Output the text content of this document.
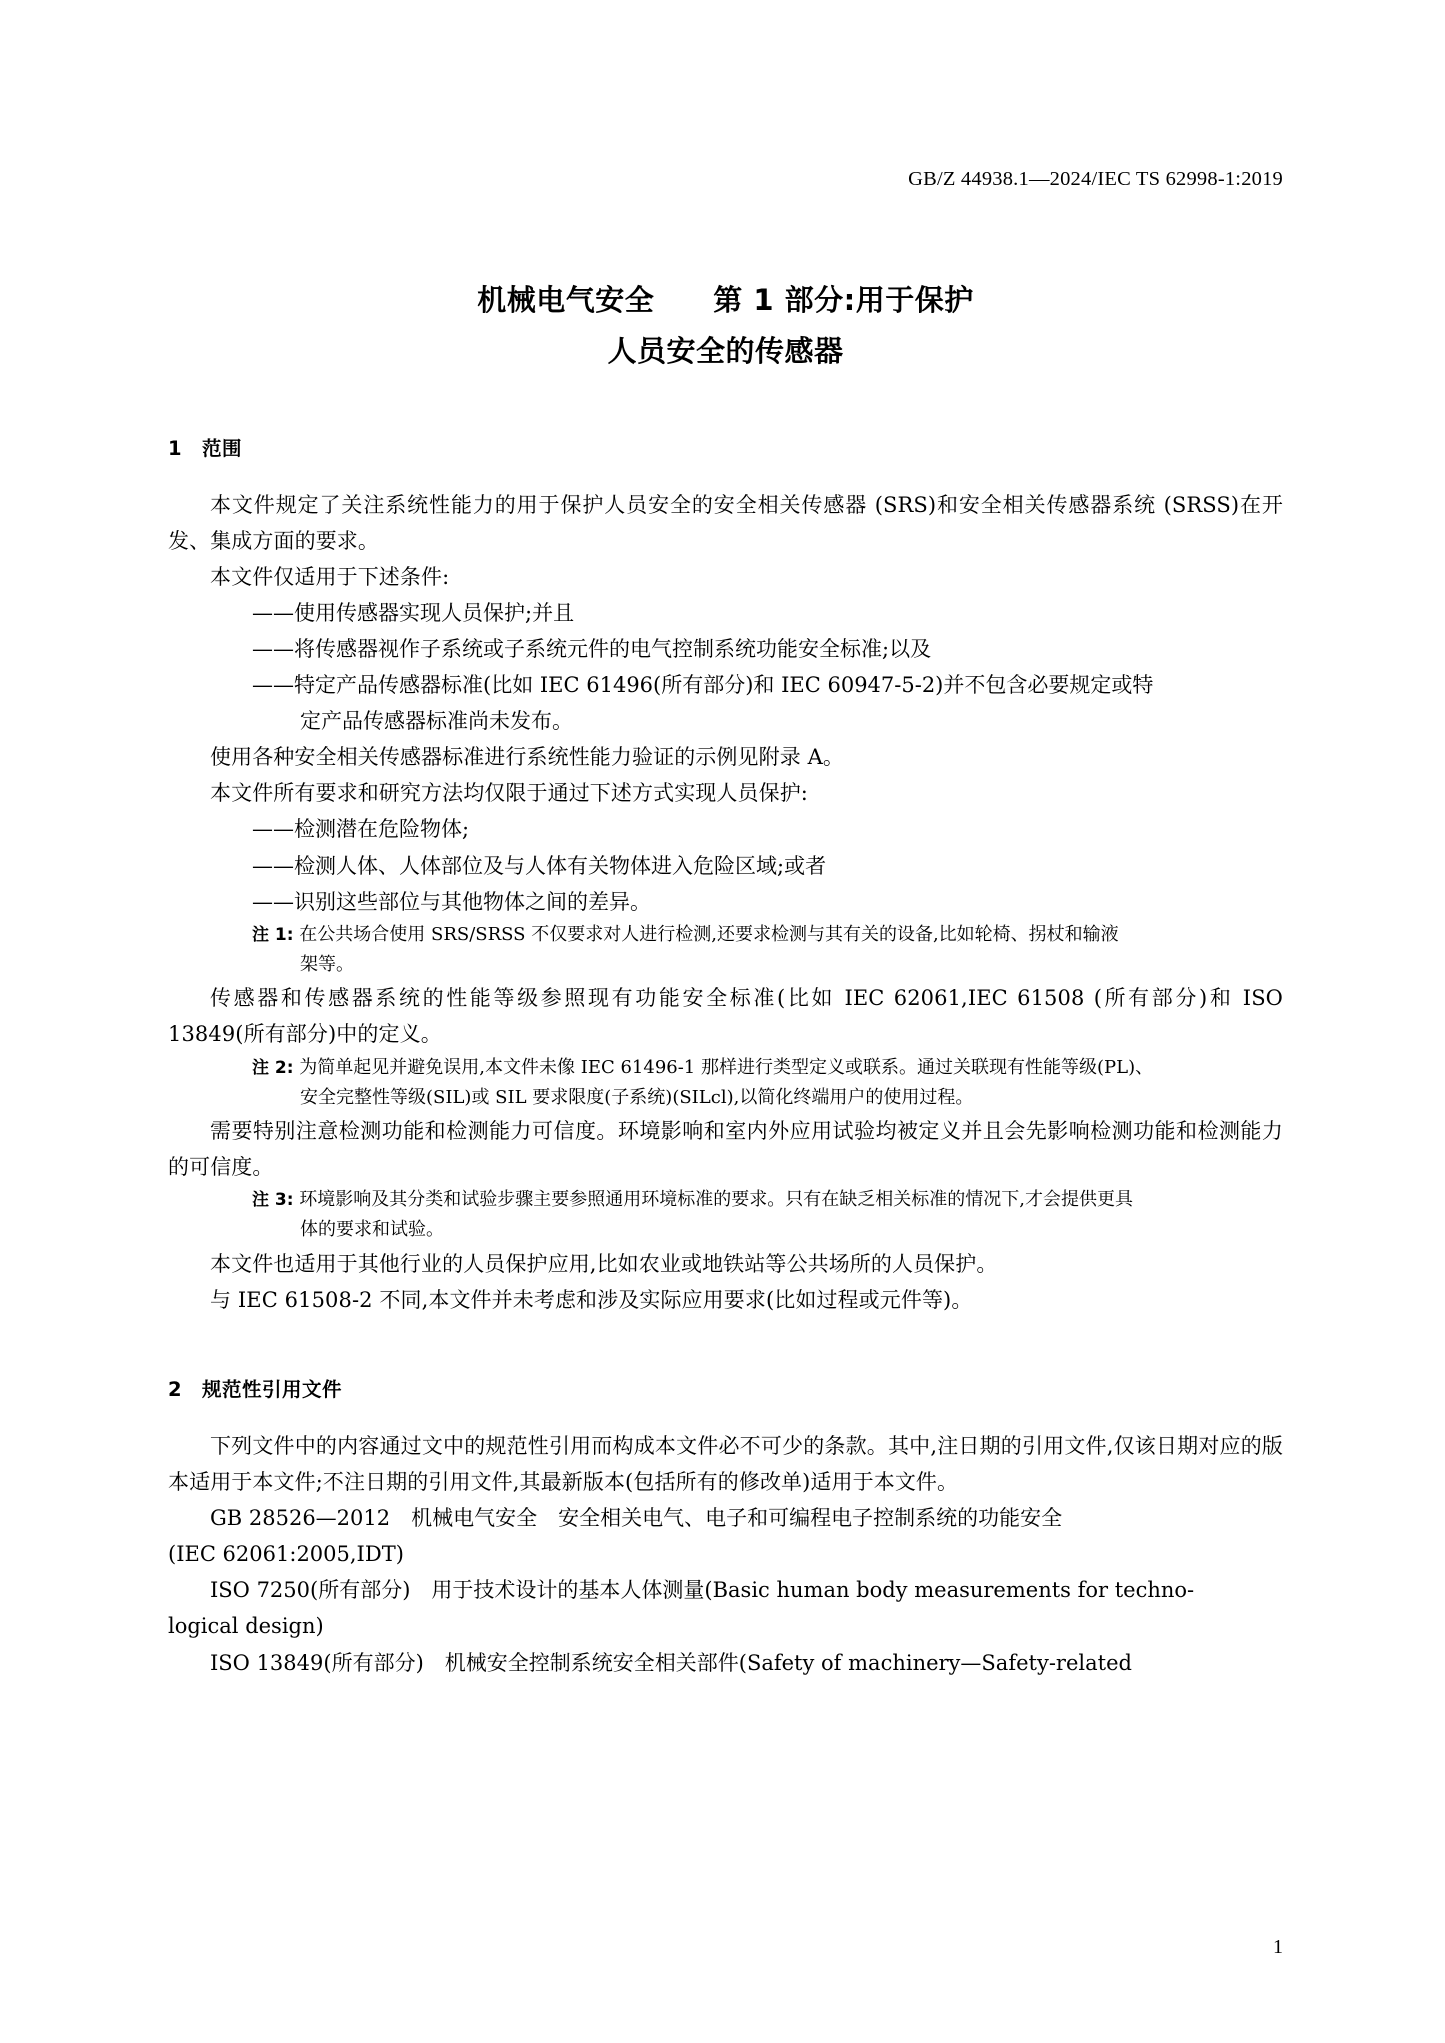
GB/Z 44938.1—2024/IEC TS 62998-1:2019
机械电气安全　　第 1 部分:用于保护
人员安全的传感器
1 范围

本文件规定了关注系统性能力的用于保护人员安全的安全相关传感器 (SRS)和安全相关传感器系统 (SRSS)在开发、集成方面的要求。

本文件仅适用于下述条件:

——使用传感器实现人员保护;并且

——将传感器视作子系统或子系统元件的电气控制系统功能安全标准;以及

——特定产品传感器标准(比如 IEC 61496(所有部分)和 IEC 60947-5-2)并不包含必要规定或特
定产品传感器标准尚未发布。

使用各种安全相关传感器标准进行系统性能力验证的示例见附录 A。

本文件所有要求和研究方法均仅限于通过下述方式实现人员保护:

——检测潜在危险物体;

——检测人体、人体部位及与人体有关物体进入危险区域;或者

——识别这些部位与其他物体之间的差异。

注 1: 在公共场合使用 SRS/SRSS 不仅要求对人进行检测,还要求检测与其有关的设备,比如轮椅、拐杖和输液
架等。

传感器和传感器系统的性能等级参照现有功能安全标准(比如 IEC 62061,IEC 61508 (所有部分)和 ISO 13849(所有部分)中的定义。

注 2: 为简单起见并避免误用,本文件未像 IEC 61496-1 那样进行类型定义或联系。通过关联现有性能等级(PL)、
安全完整性等级(SIL)或 SIL 要求限度(子系统)(SILcl),以简化终端用户的使用过程。

需要特别注意检测功能和检测能力可信度。环境影响和室内外应用试验均被定义并且会先影响检测功能和检测能力的可信度。

注 3: 环境影响及其分类和试验步骤主要参照通用环境标准的要求。只有在缺乏相关标准的情况下,才会提供更具
体的要求和试验。

本文件也适用于其他行业的人员保护应用,比如农业或地铁站等公共场所的人员保护。

与 IEC 61508-2 不同,本文件并未考虑和涉及实际应用要求(比如过程或元件等)。

2 规范性引用文件

下列文件中的内容通过文中的规范性引用而构成本文件必不可少的条款。其中,注日期的引用文件,仅该日期对应的版本适用于本文件;不注日期的引用文件,其最新版本(包括所有的修改单)适用于本文件。

GB 28526—2012　机械电气安全　安全相关电气、电子和可编程电子控制系统的功能安全
(IEC 62061:2005,IDT)

ISO 7250(所有部分)　用于技术设计的基本人体测量(Basic human body measurements for techno-
logical design)

ISO 13849(所有部分)　机械安全控制系统安全相关部件(Safety of machinery—Safety‑related

1
